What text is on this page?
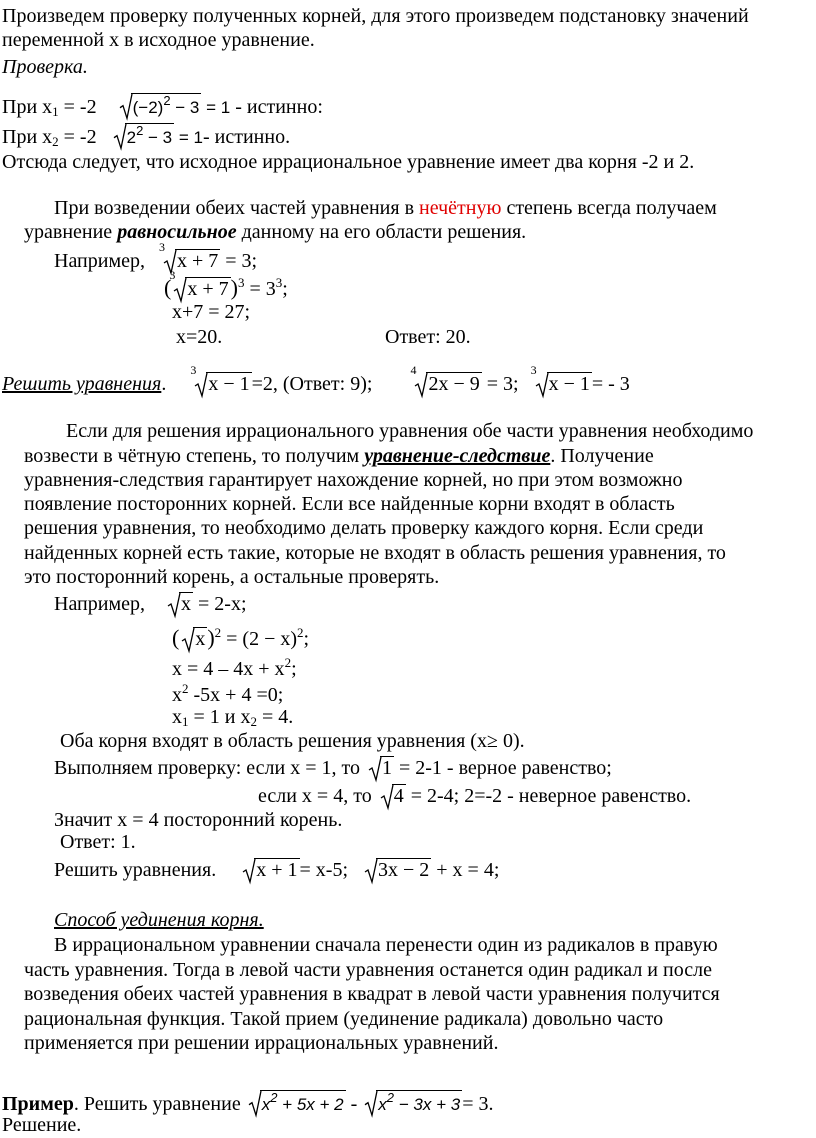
Произведем проверку полученных корней, для этого произведем подстановку значений
переменной х в исходное уравнение.
Проверка.
При $х_1 = -2$ $(-2)^2 - 3 = 1$ - истинно:
При $х_2 = -2$ $2^2 - 3 = 1-$ истинно.
Отсюда следует, что исходное иррациональное уравнение имеет два корня -2 и 2.
При возведении обеих частей уравнения в нечётную степень всегда получаем
уравнение равносильное данному на его области решения.
Например,
3
x + 7 = 3;
(
3
$x + 7)^3 = 3^3$;
x+7 = 27;
x=20.	Ответ: 20.
Решить уравнения.
3
x − 1 =2, (Ответ: 9);
4
2x − 9 = 3;
3
x − 1 = - 3
Если для решения иррационального уравнения обе части уравнения необходимо
возвести в чётную степень, то получим уравнение-следствие. Получение
уравнения-следствия гарантирует нахождение корней, но при этом возможно
появление посторонних корней. Если все найденные корни входят в область
решения уравнения, то необходимо делать проверку каждого корня. Если среди
найденных корней есть такие, которые не входят в область решения уравнения, то
это посторонний корень, а остальные проверять.
Например, x = 2-x;
( $x)^2 = (2 - x)^2$;
$x = 4 - 4x + x^2$;
$x^2$ -5x + 4 =0;
$x_1 = 1$ и $x_2 = 4$.
Оба корня входят в область решения уравнения (x≥ 0).
Выполняем проверку: если x = 1, то
1 = 2-1 - верное равенство;
если x = 4, то
4 = 2-4; 2=-2 - неверное равенство.
Значит x = 4 посторонний корень.
Ответ: 1.
Решить уравнения. x + 1 = x-5; 3x − 2 + x = 4;
Способ уединения корня.
В иррациональном уравнении сначала перенести один из радикалов в правую
часть уравнения. Тогда в левой части уравнения останется один радикал и после
возведения обеих частей уравнения в квадрат в левой части уравнения получится
рациональная функция. Такой прием (уединение радикала) довольно часто
применяется при решении иррациональных уравнений.
Пример. Решить уравнение
$x^2 + 5x + 2$ -
$x^2 - 3x + 3 = 3$.
Решение.
